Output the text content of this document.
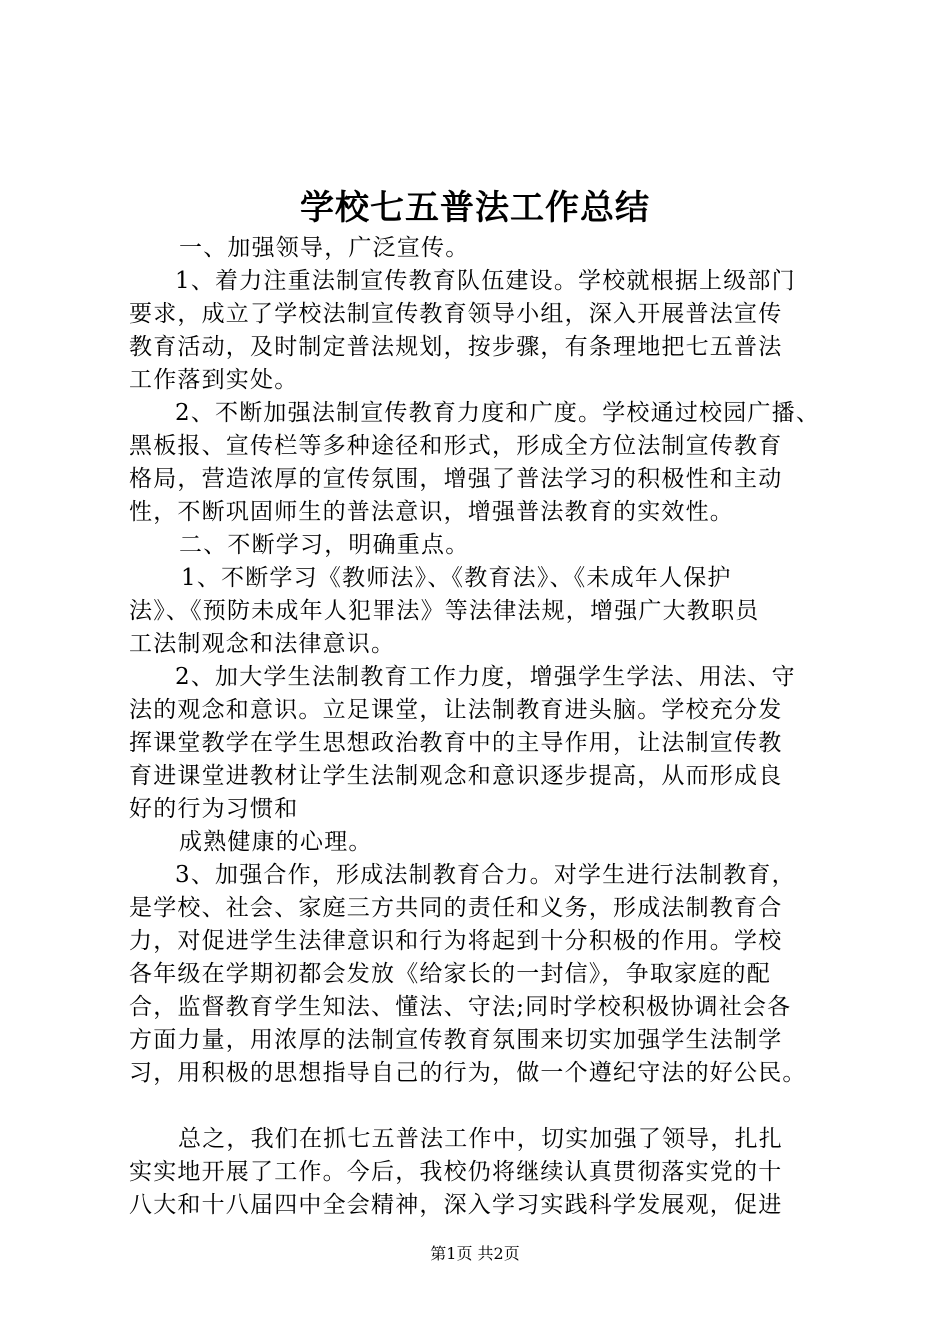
学校七五普法工作总结
一、加强领导，广泛宣传。
1、着力注重法制宣传教育队伍建设。学校就根据上级部门
要求，成立了学校法制宣传教育领导小组，深入开展普法宣传
教育活动，及时制定普法规划，按步骤，有条理地把七五普法
工作落到实处。
2、不断加强法制宣传教育力度和广度。学校通过校园广播、
黑板报、宣传栏等多种途径和形式，形成全方位法制宣传教育
格局，营造浓厚的宣传氛围，增强了普法学习的积极性和主动
性，不断巩固师生的普法意识，增强普法教育的实效性。
二、不断学习，明确重点。
1、不断学习《教师法》、《教育法》、《未成年人保护
法》、《预防未成年人犯罪法》等法律法规，增强广大教职员
工法制观念和法律意识。
2、加大学生法制教育工作力度，增强学生学法、用法、守
法的观念和意识。立足课堂，让法制教育进头脑。学校充分发
挥课堂教学在学生思想政治教育中的主导作用，让法制宣传教
育进课堂进教材让学生法制观念和意识逐步提高，从而形成良
好的行为习惯和
成熟健康的心理。
3、加强合作，形成法制教育合力。对学生进行法制教育，
是学校、社会、家庭三方共同的责任和义务，形成法制教育合
力，对促进学生法律意识和行为将起到十分积极的作用。学校
各年级在学期初都会发放《给家长的一封信》，争取家庭的配
合，监督教育学生知法、懂法、守法;同时学校积极协调社会各
方面力量，用浓厚的法制宣传教育氛围来切实加强学生法制学
习，用积极的思想指导自己的行为，做一个遵纪守法的好公民。
总之，我们在抓七五普法工作中，切实加强了领导，扎扎
实实地开展了工作。今后，我校仍将继续认真贯彻落实党的十
八大和十八届四中全会精神，深入学习实践科学发展观，促进
第1页 共2页
